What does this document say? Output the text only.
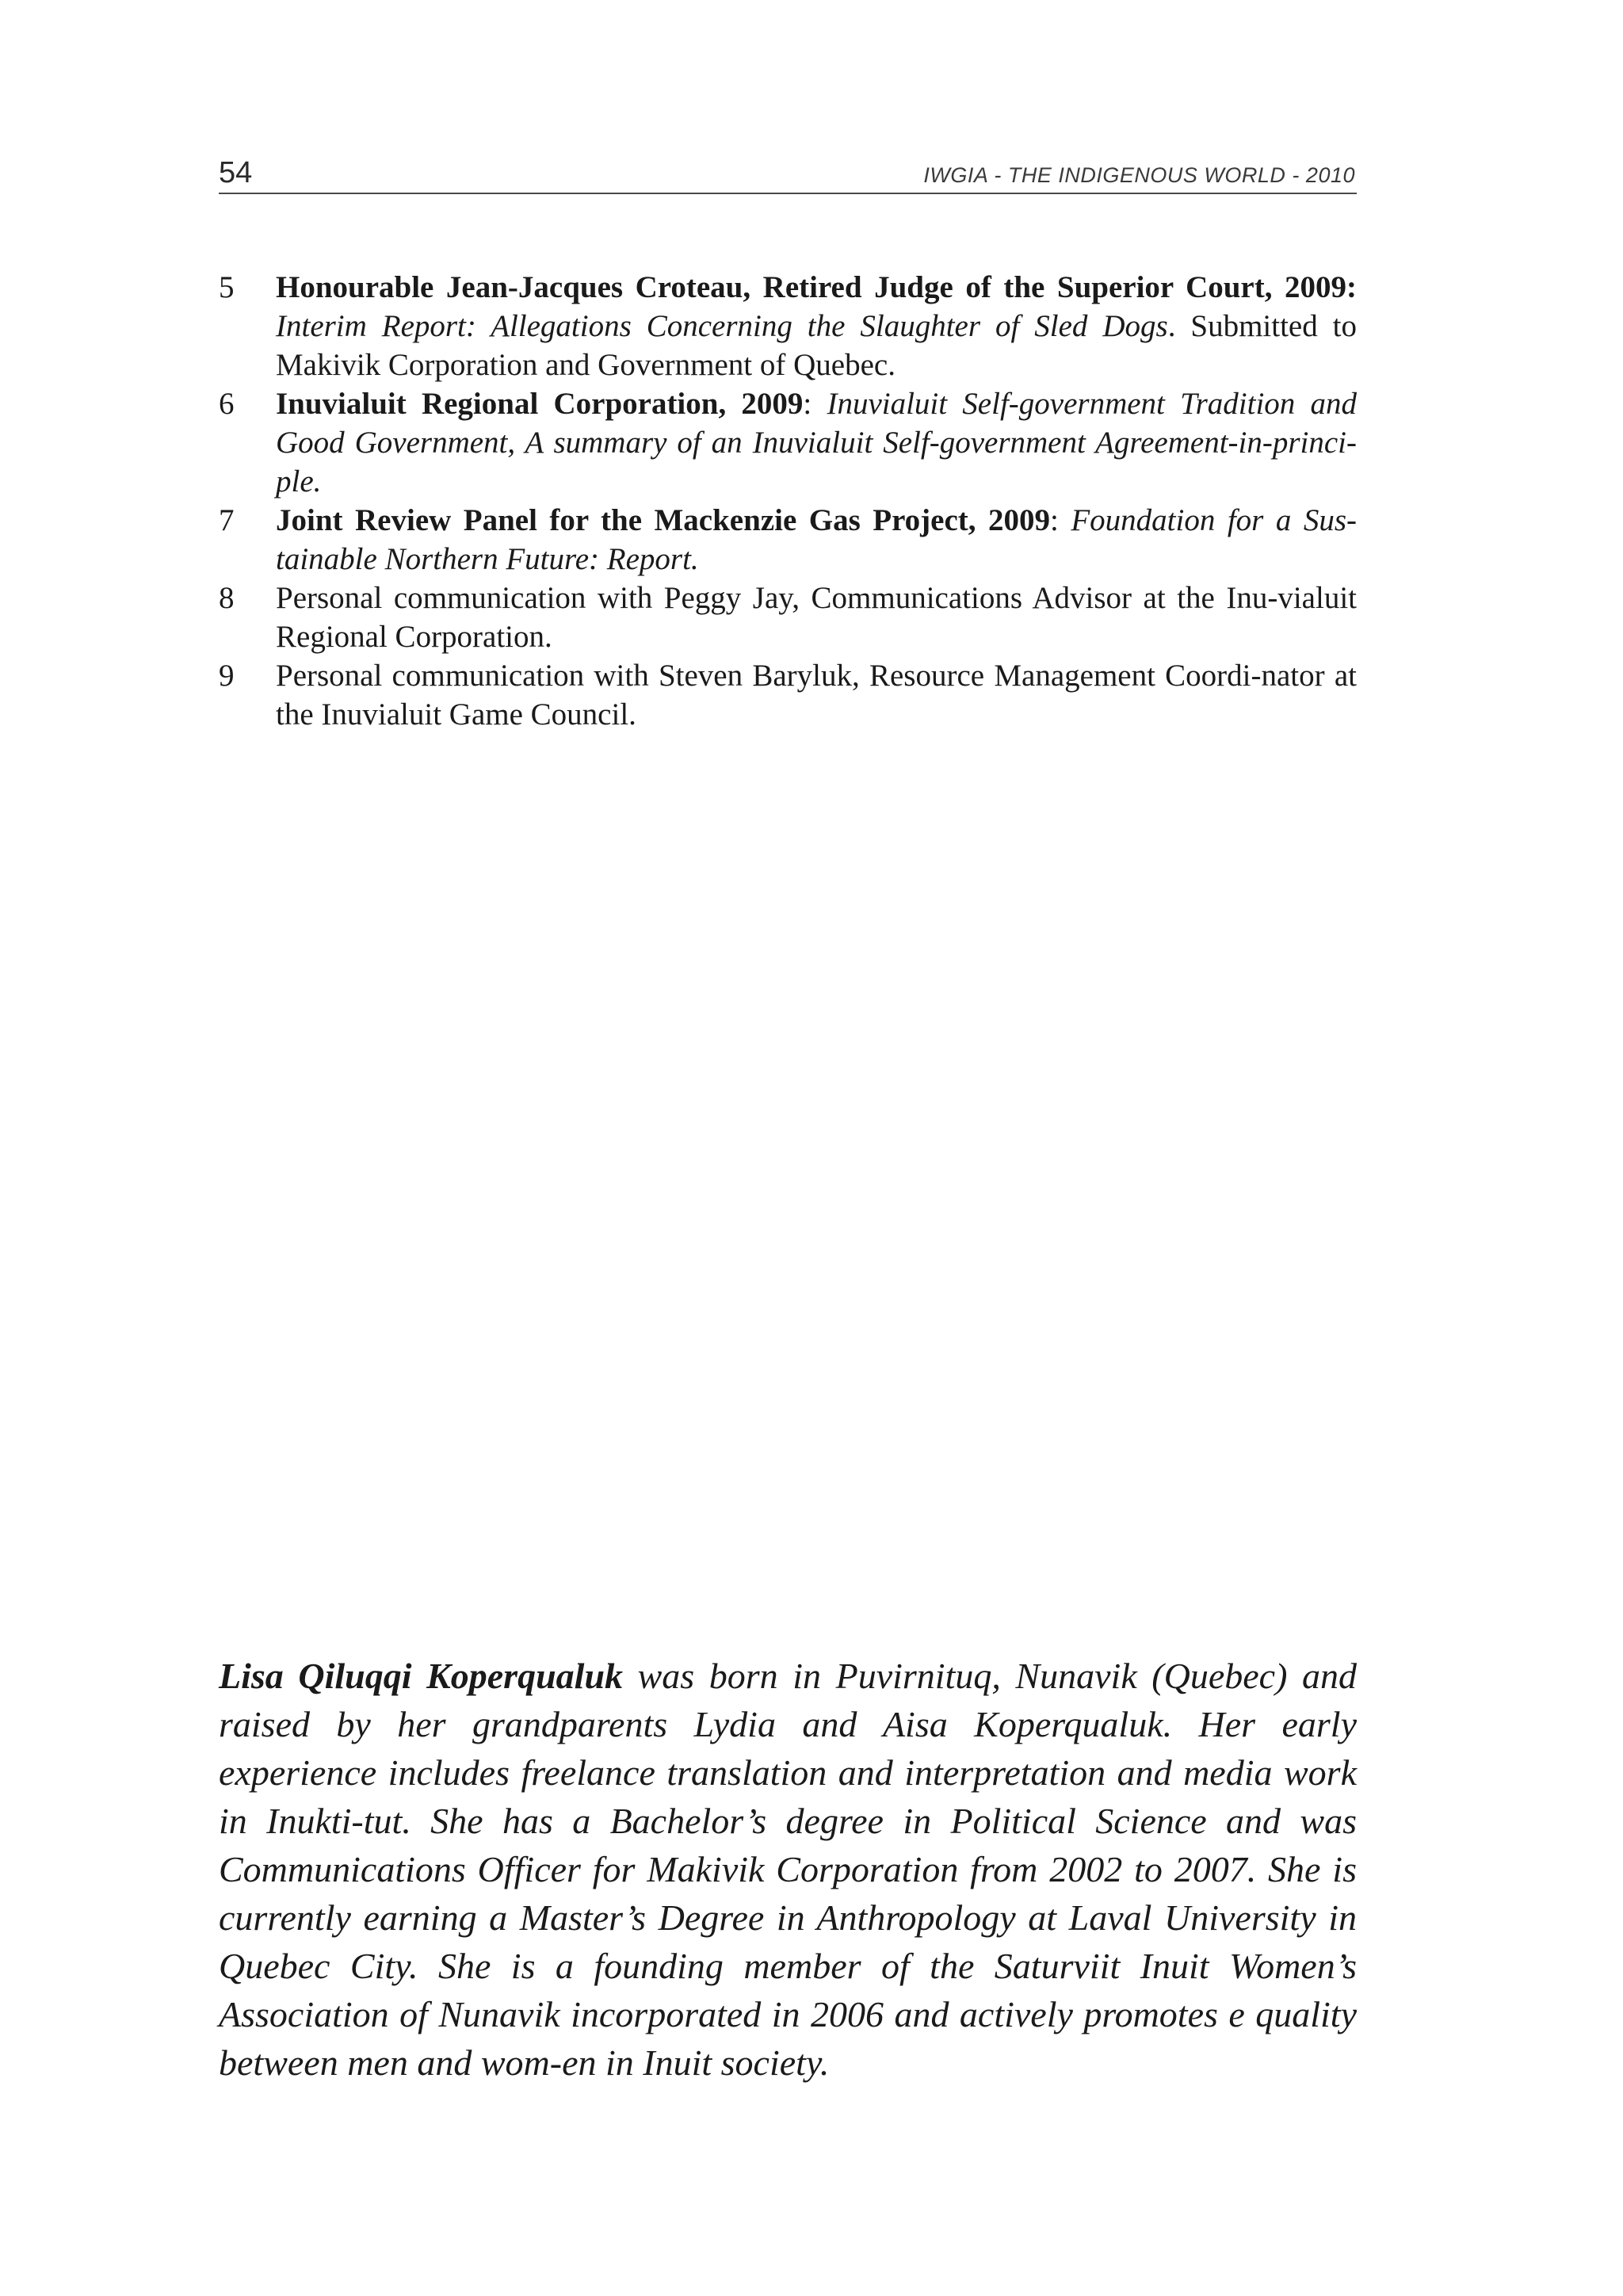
54	IWGIA - THE INDIGENOUS WORLD - 2010
5	Honourable Jean-Jacques Croteau, Retired Judge of the Superior Court, 2009: Interim Report: Allegations Concerning the Slaughter of Sled Dogs. Submitted to Makivik Corporation and Government of Quebec.
6	Inuvialuit Regional Corporation, 2009: Inuvialuit Self-government Tradition and Good Government, A summary of an Inuvialuit Self-government Agreement-in-princi-ple.
7	Joint Review Panel for the Mackenzie Gas Project, 2009: Foundation for a Sus-tainable Northern Future: Report.
8	Personal communication with Peggy Jay, Communications Advisor at the Inu-vialuit Regional Corporation.
9	Personal communication with Steven Baryluk, Resource Management Coordi-nator at the Inuvialuit Game Council.

Lisa Qiluqqi Koperqualuk was born in Puvirnituq, Nunavik (Quebec) and raised by her grandparents Lydia and Aisa Koperqualuk. Her early experience includes freelance translation and interpretation and media work in Inukti-tut. She has a Bachelor’s degree in Political Science and was Communications Officer for Makivik Corporation from 2002 to 2007. She is currently earning a Master’s Degree in Anthropology at Laval University in Quebec City. She is a founding member of the Saturviit Inuit Women’s Association of Nunavik incorporated in 2006 and actively promotes e quality between men and wom-en in Inuit society.
